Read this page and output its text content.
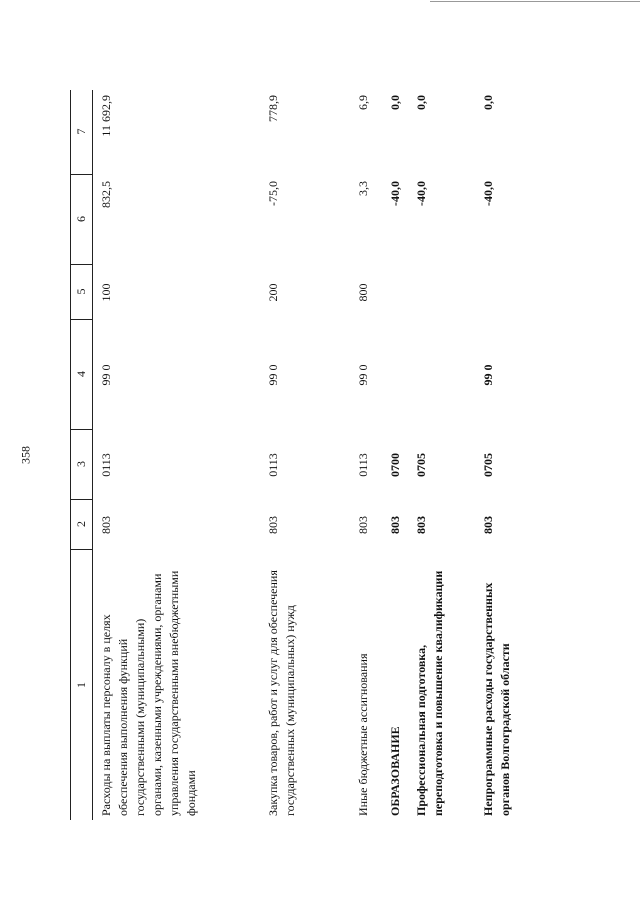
358
1
2
3
4
5
6
7
Расходы на выплаты персоналу в целях обеспечения выполнения функций государственными (муниципальными) органами, казенными учреждениями, органами управления государственными внебюджетными фондами
803
0113
99 0
100
832,5
11 692,9
Закупка товаров, работ и услуг для обеспечения государственных (муниципальных) нужд
803
0113
99 0
200
-75,0
778,9
Иные бюджетные ассигнования
803
0113
99 0
800
3,3
6,9
ОБРАЗОВАНИЕ
803
0700
-40,0
0,0
Профессиональная подготовка, переподготовка и повышение квалификации
803
0705
-40,0
0,0
Непрограммные расходы государственных органов Волгоградской области
803
0705
99 0
-40,0
0,0
